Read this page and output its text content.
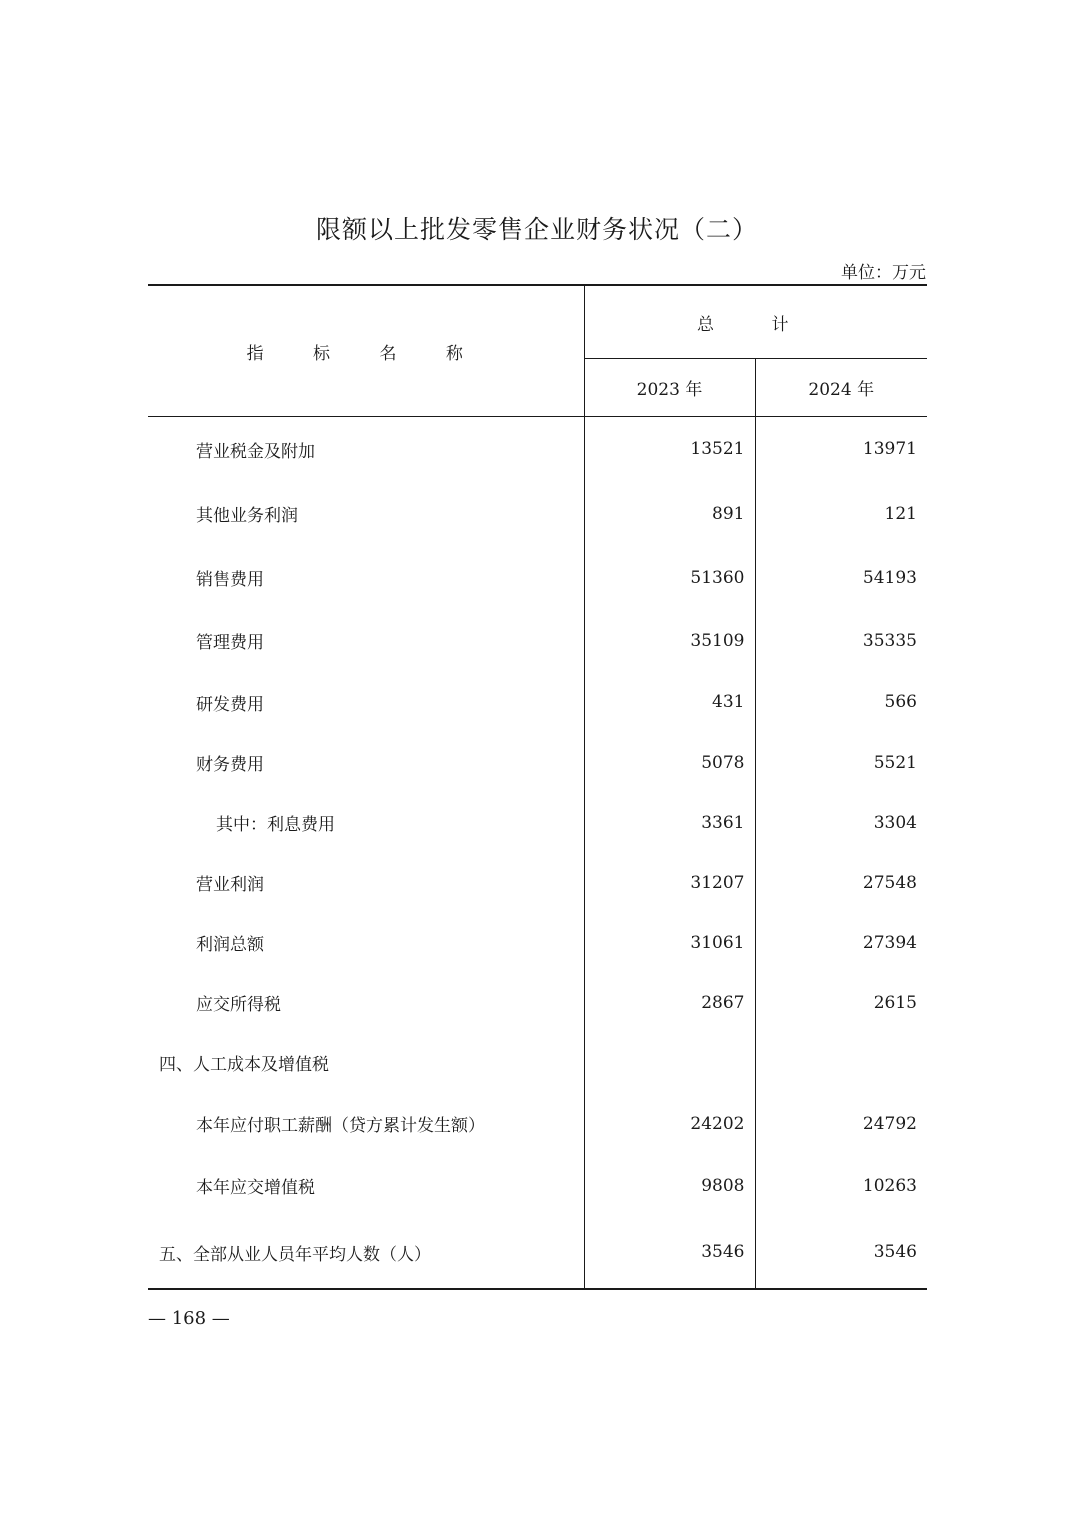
限额以上批发零售企业财务状况（二）
单位：万元
指 标 名 称	总 计	
	2023 年	2024 年
营业税金及附加	13521	13971
其他业务利润	891	121
销售费用	51360	54193
管理费用	35109	35335
研发费用	431	566
财务费用	5078	5521
其中：利息费用	3361	3304
营业利润	31207	27548
利润总额	31061	27394
应交所得税	2867	2615
四、人工成本及增值税		
本年应付职工薪酬（贷方累计发生额）	24202	24792
本年应交增值税	9808	10263
五、全部从业人员年平均人数（人）	3546	3546
— 168 —
